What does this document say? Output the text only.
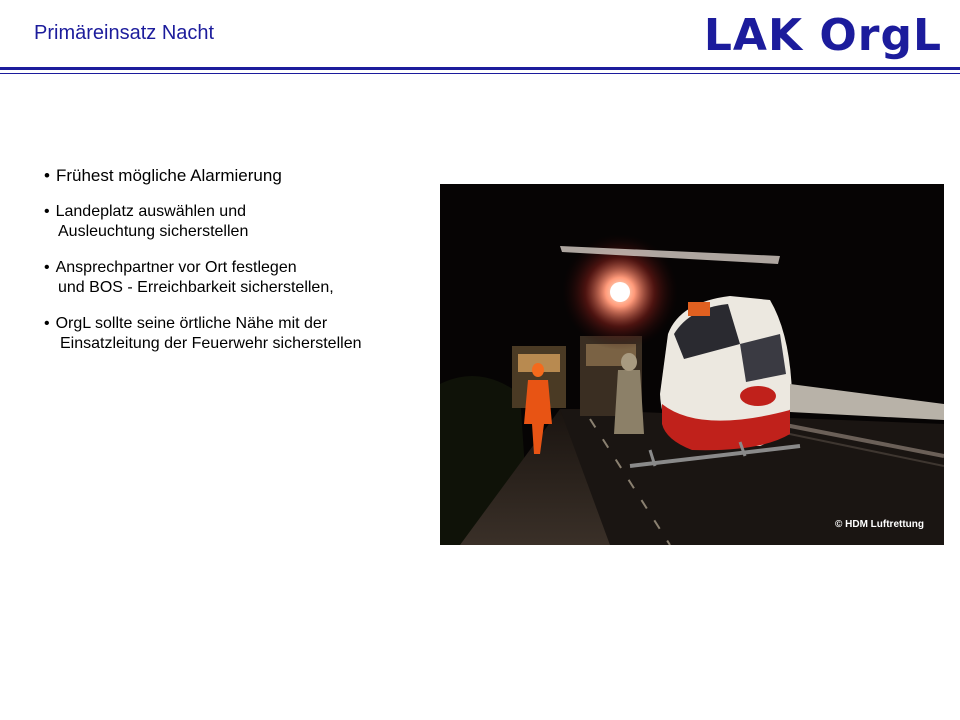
Primäreinsatz Nacht	LAK OrgL
• Frühest mögliche Alarmierung
• Landeplatz auswählen und
Ausleuchtung sicherstellen
• Ansprechpartner vor Ort festlegen
und BOS - Erreichbarkeit sicherstellen,
• OrgL sollte seine örtliche Nähe mit der
Einsatzleitung der Feuerwehr sicherstellen
© HDM Luftrettung
